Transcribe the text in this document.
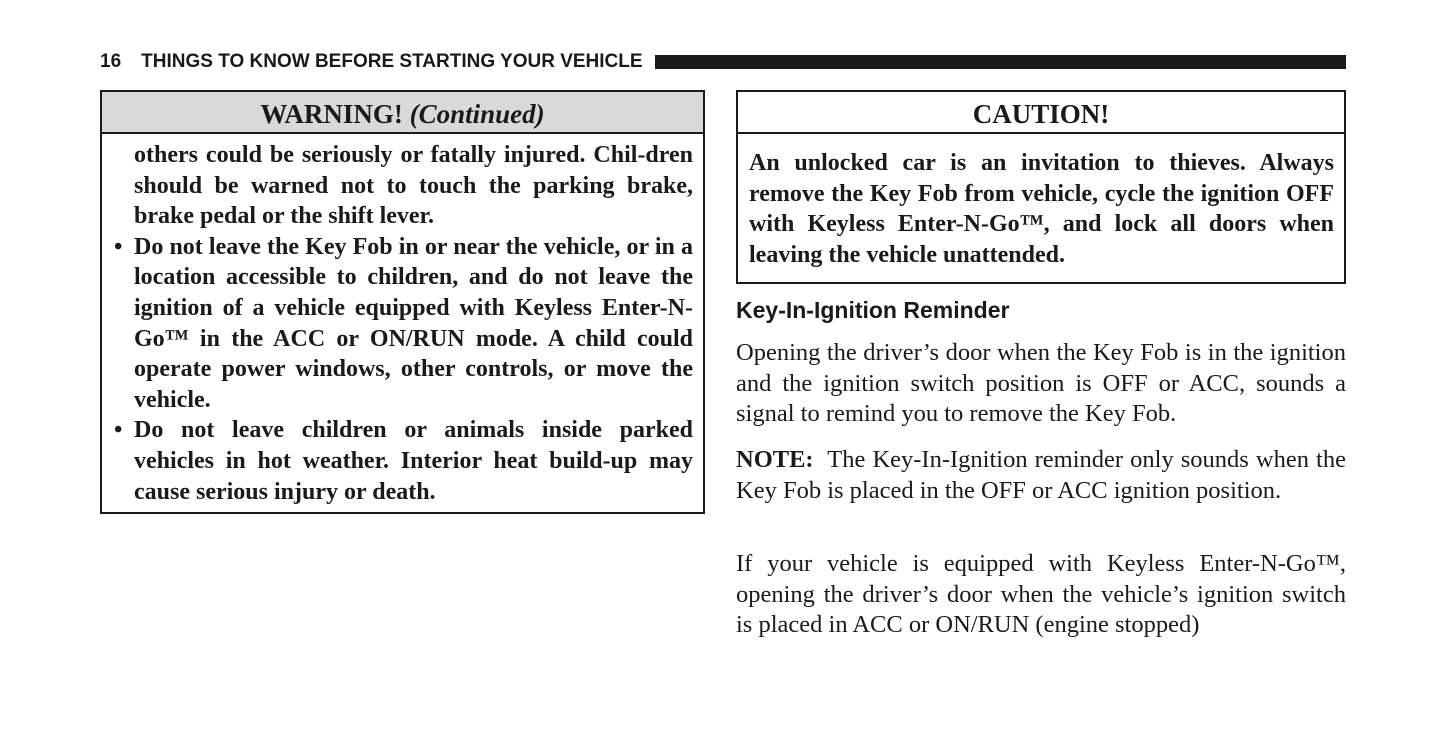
16 THINGS TO KNOW BEFORE STARTING YOUR VEHICLE
WARNING! (Continued)

others could be seriously or fatally injured. Chil-dren should be warned not to touch the parking brake, brake pedal or the shift lever.

• Do not leave the Key Fob in or near the vehicle, or in a location accessible to children, and do not leave the ignition of a vehicle equipped with Keyless Enter-N-Go™ in the ACC or ON/RUN mode. A child could operate power windows, other controls, or move the vehicle.
• Do not leave children or animals inside parked vehicles in hot weather. Interior heat build-up may cause serious injury or death.
CAUTION!

An unlocked car is an invitation to thieves. Always remove the Key Fob from vehicle, cycle the ignition OFF with Keyless Enter-N-Go™, and lock all doors when leaving the vehicle unattended.

Key-In-Ignition Reminder

Opening the driver’s door when the Key Fob is in the ignition and the ignition switch position is OFF or ACC, sounds a signal to remind you to remove the Key Fob.

NOTE: The Key-In-Ignition reminder only sounds when the Key Fob is placed in the OFF or ACC ignition position.

If your vehicle is equipped with Keyless Enter-N-Go™, opening the driver’s door when the vehicle’s ignition switch is placed in ACC or ON/RUN (engine stopped)
